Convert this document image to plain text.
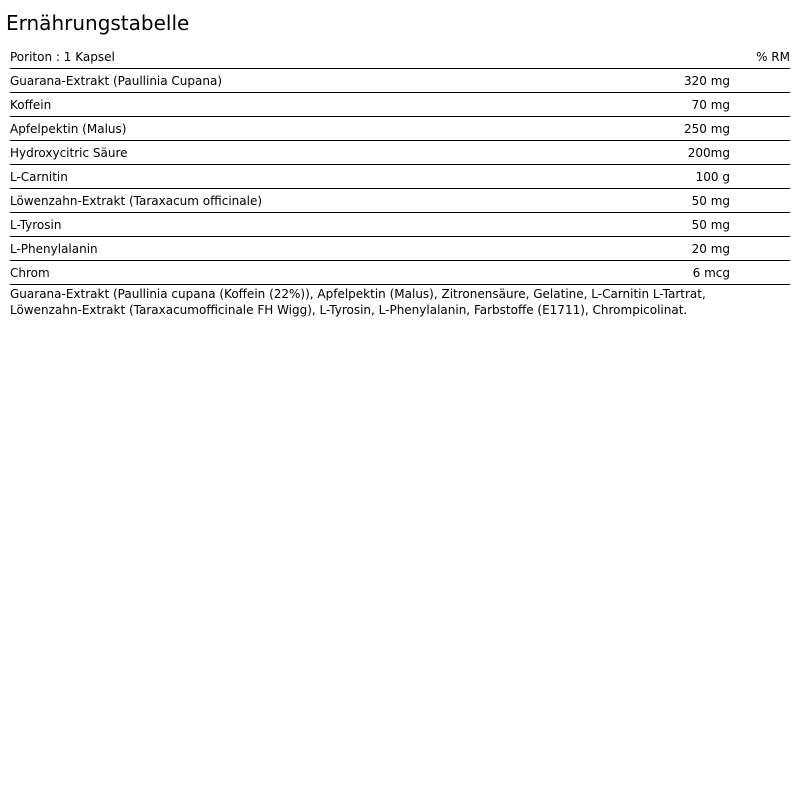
Ernährungstabelle
Poriton : 1 Kapsel		% RM
Guarana-Extrakt (Paullinia Cupana)	320 mg	
Koffein	70 mg	
Apfelpektin (Malus)	250 mg	
Hydroxycitric Säure	200mg	
L-Carnitin	100 g	
Löwenzahn-Extrakt (Taraxacum officinale)	50 mg	
L-Tyrosin	50 mg	
L-Phenylalanin	20 mg	
Chrom	6 mcg	

Guarana-Extrakt (Paullinia cupana (Koffein (22%)), Apfelpektin (Malus), Zitronensäure, Gelatine, L-Carnitin L-Tartrat,
Löwenzahn-Extrakt (Taraxacumofficinale FH Wigg), L-Tyrosin, L-Phenylalanin, Farbstoffe (E1711), Chrompicolinat.
